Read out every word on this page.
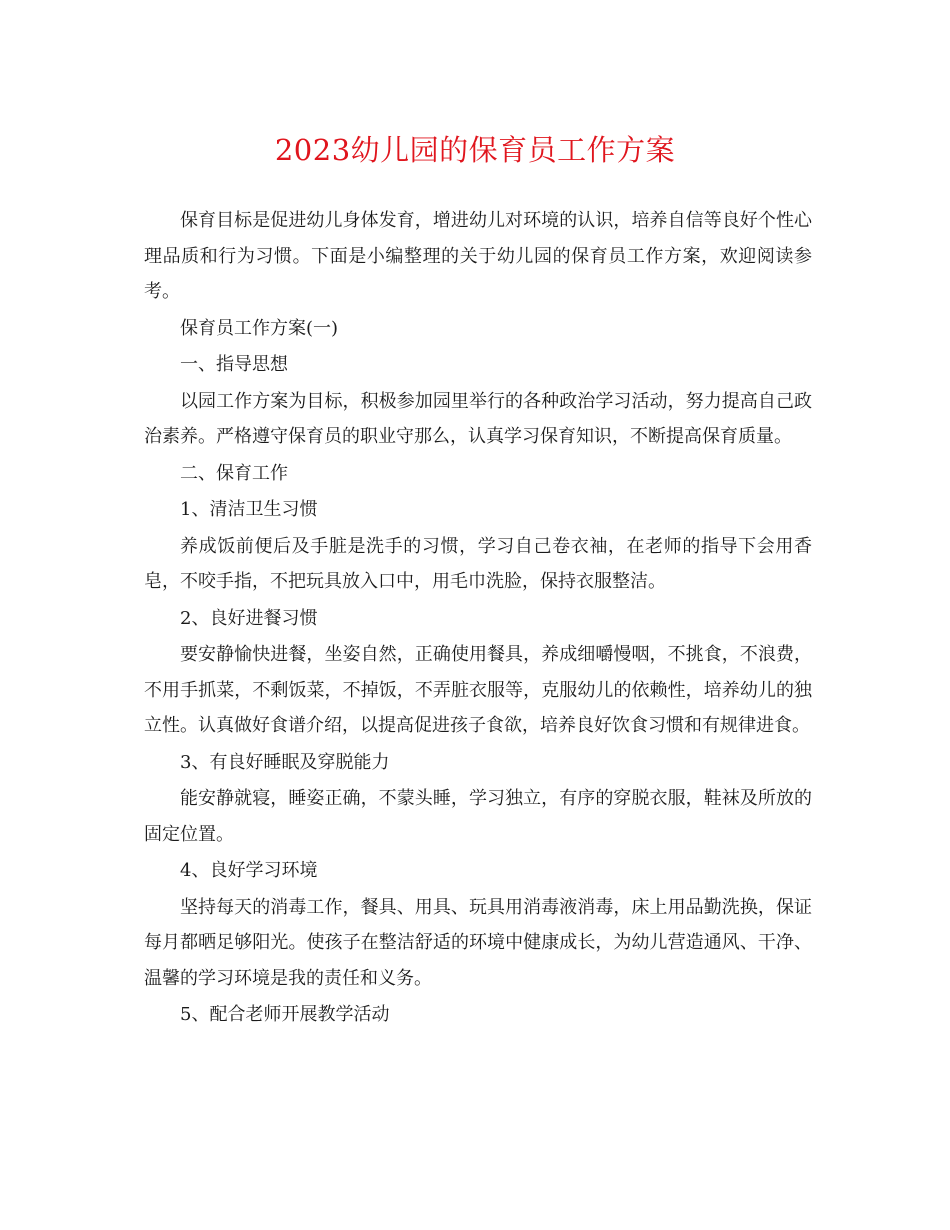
2023幼儿园的保育员工作方案

保育目标是促进幼儿身体发育，增进幼儿对环境的认识，培养自信等良好个性心理品质和行为习惯。下面是小编整理的关于幼儿园的保育员工作方案，欢迎阅读参考。

保育员工作方案(一)

一、指导思想

以园工作方案为目标，积极参加园里举行的各种政治学习活动，努力提高自己政治素养。严格遵守保育员的职业守那么，认真学习保育知识，不断提高保育质量。

二、保育工作

1、清洁卫生习惯

养成饭前便后及手脏是洗手的习惯，学习自己卷衣袖，在老师的指导下会用香皂，不咬手指，不把玩具放入口中，用毛巾洗脸，保持衣服整洁。

2、良好进餐习惯

要安静愉快进餐，坐姿自然，正确使用餐具，养成细嚼慢咽，不挑食，不浪费，不用手抓菜，不剩饭菜，不掉饭，不弄脏衣服等，克服幼儿的依赖性，培养幼儿的独立性。认真做好食谱介绍，以提高促进孩子食欲，培养良好饮食习惯和有规律进食。

3、有良好睡眠及穿脱能力

能安静就寝，睡姿正确，不蒙头睡，学习独立，有序的穿脱衣服，鞋袜及所放的固定位置。

4、良好学习环境

坚持每天的消毒工作，餐具、用具、玩具用消毒液消毒，床上用品勤洗换，保证每月都晒足够阳光。使孩子在整洁舒适的环境中健康成长，为幼儿营造通风、干净、温馨的学习环境是我的责任和义务。

5、配合老师开展教学活动
